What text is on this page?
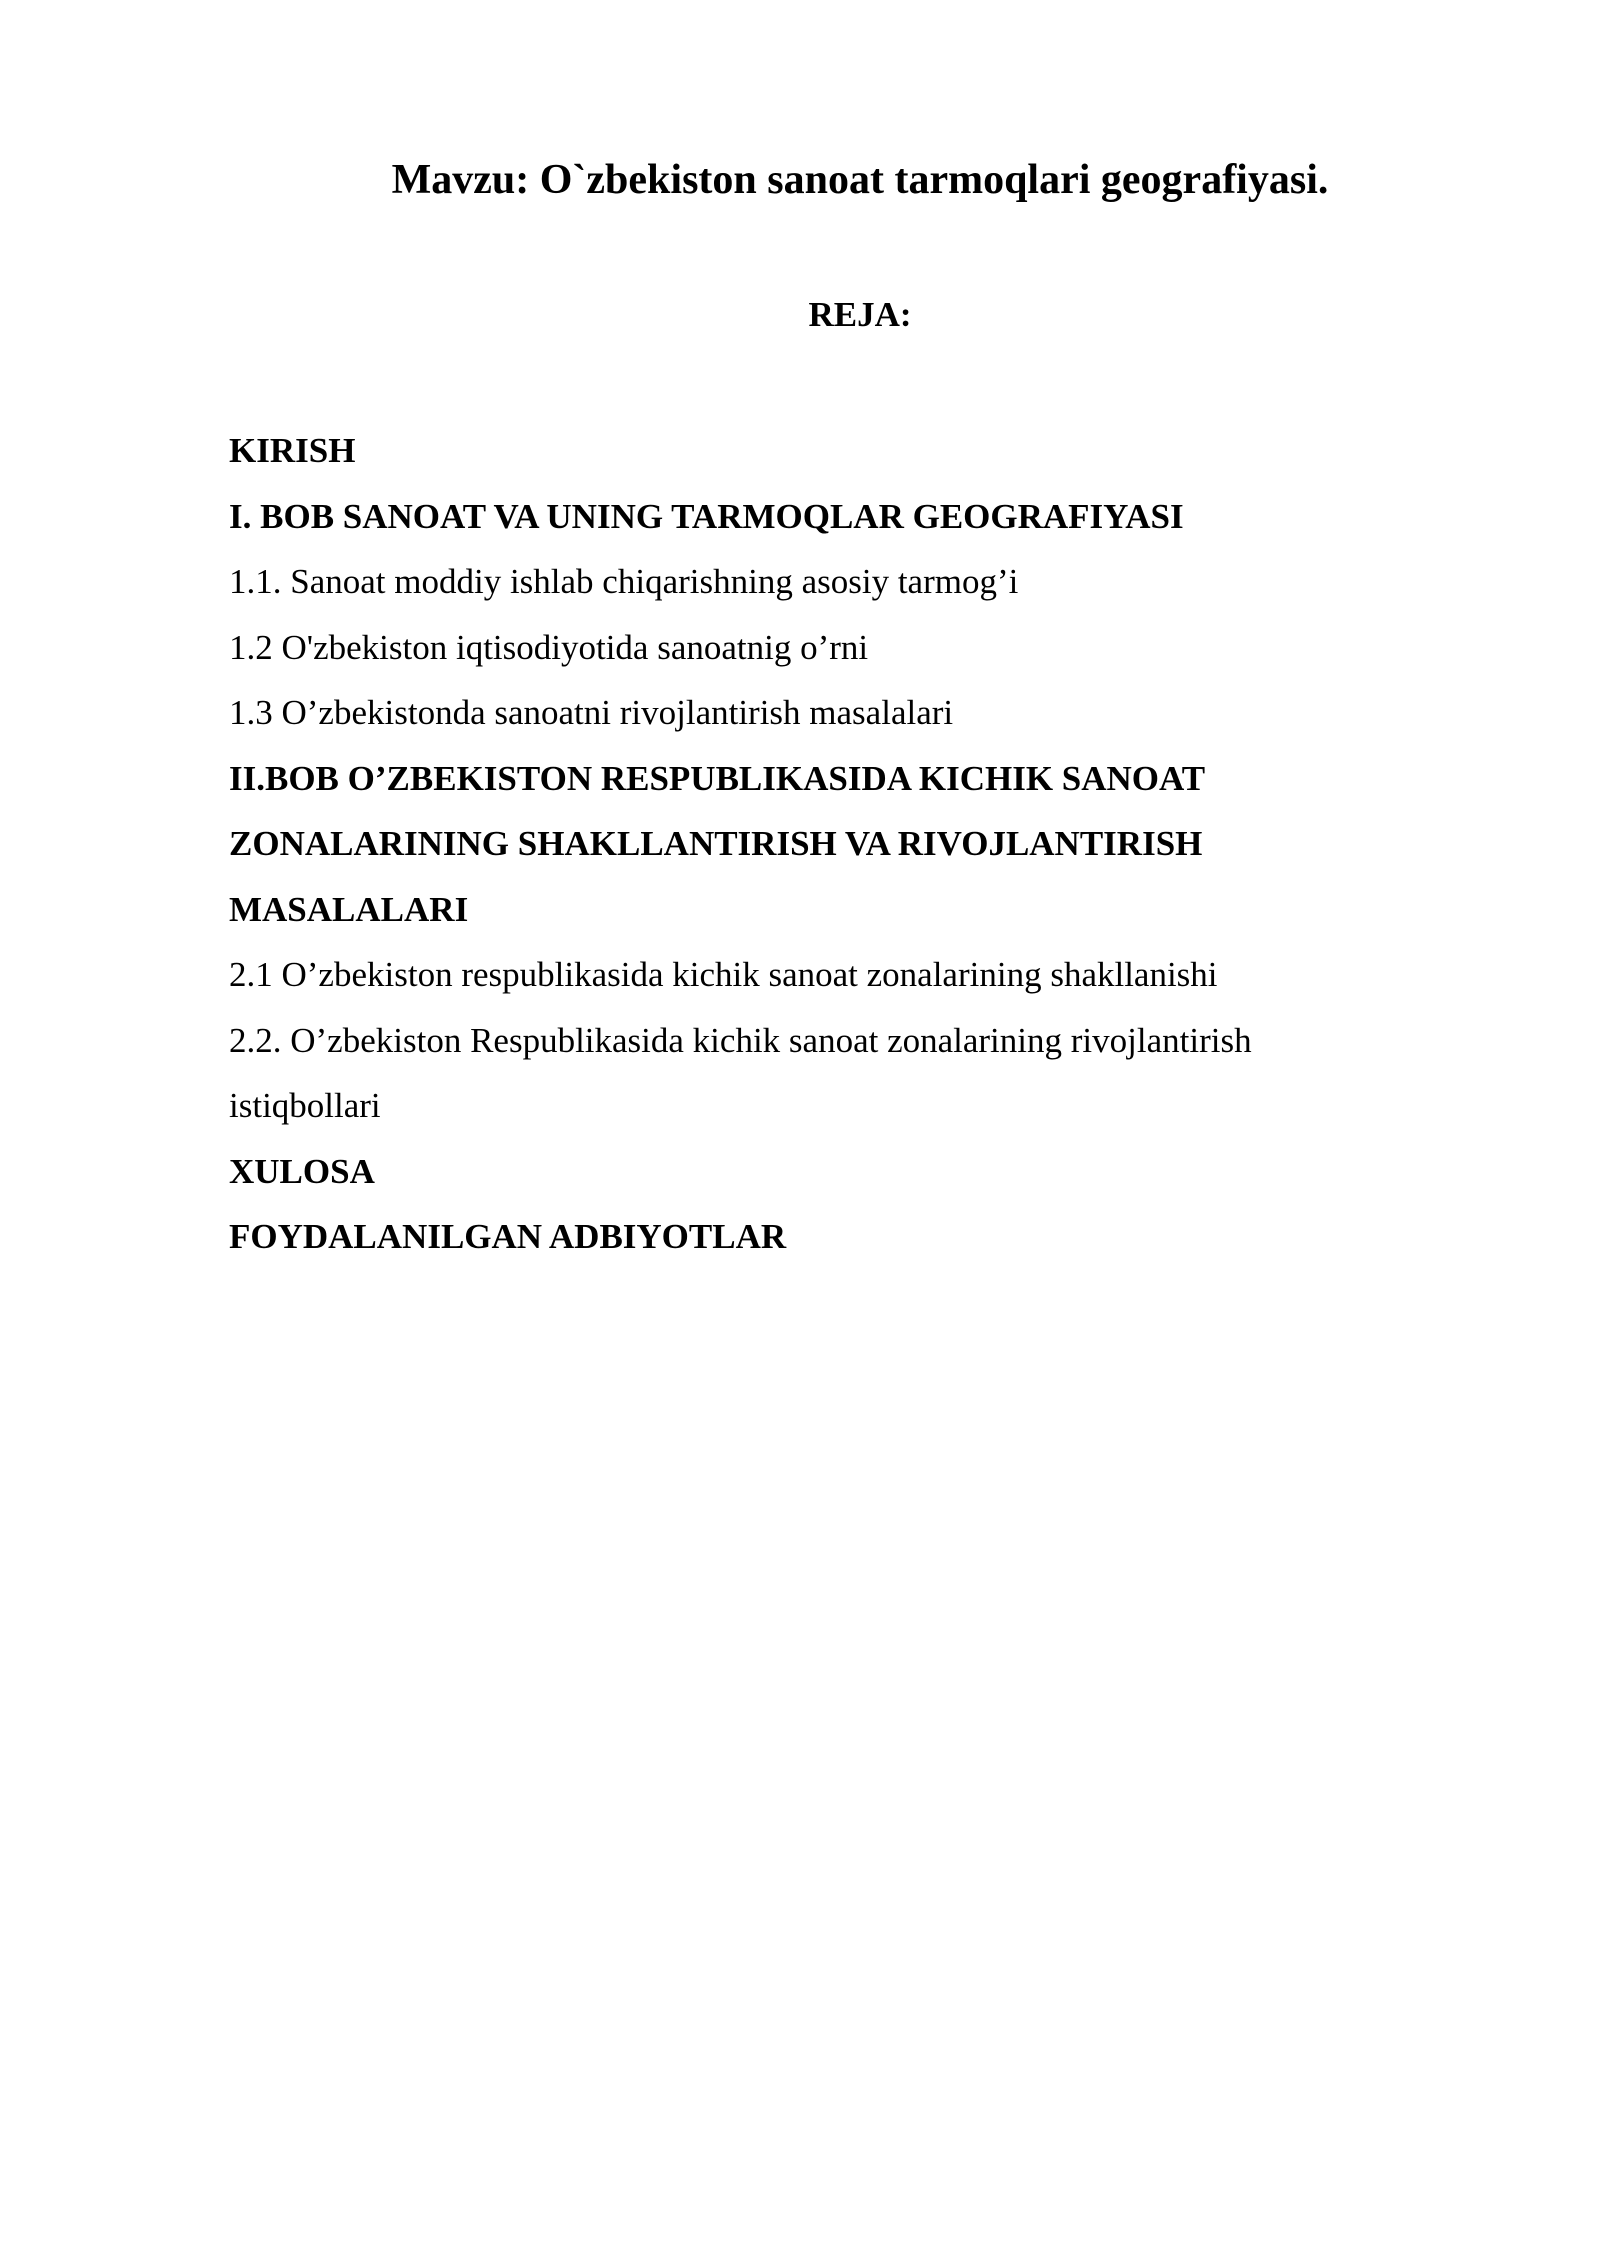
Mavzu: O`zbekiston sanoat tarmoqlari geografiyasi.
REJA:
KIRISH
I. BOB SANOAT VA UNING TARMOQLAR GEOGRAFIYASI
1.1. Sanoat moddiy ishlab chiqarishning asosiy tarmog’i
1.2 O'zbekiston iqtisodiyotida sanoatnig o’rni
1.3 O’zbekistonda sanoatni rivojlantirish masalalari
II.BOB O’ZBEKISTON RESPUBLIKASIDA KICHIK SANOAT
ZONALARINING SHAKLLANTIRISH VA RIVOJLANTIRISH
MASALALARI
2.1 O’zbekiston respublikasida kichik sanoat zonalarining shakllanishi
2.2. O’zbekiston Respublikasida kichik sanoat zonalarining rivojlantirish
istiqbollari
XULOSA
FOYDALANILGAN ADBIYOTLAR
